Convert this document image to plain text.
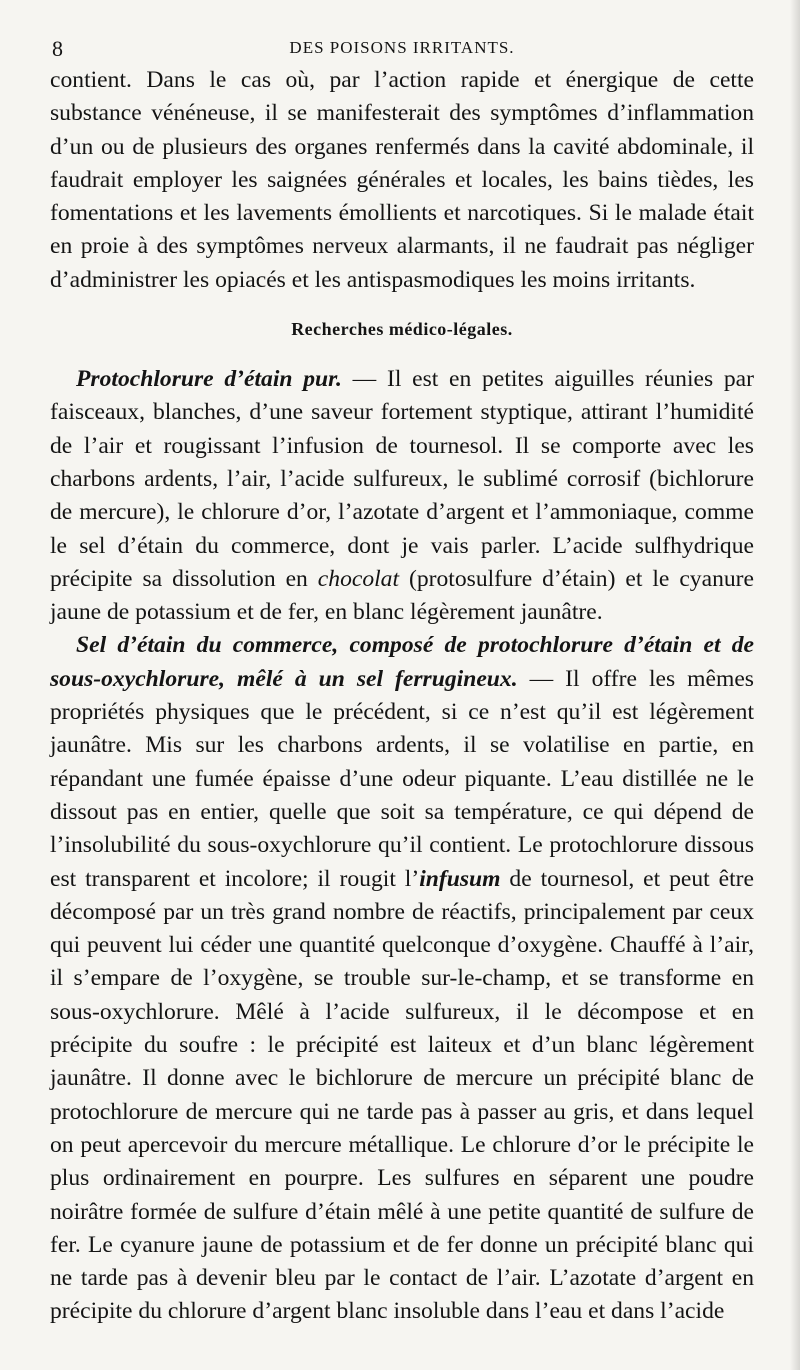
8	DES POISONS IRRITANTS.

contient. Dans le cas où, par l’action rapide et énergique de cette substance vénéneuse, il se manifesterait des symptômes d’inflammation d’un ou de plusieurs des organes renfermés dans la cavité abdominale, il faudrait employer les saignées générales et locales, les bains tièdes, les fomentations et les lavements émollients et narcotiques. Si le malade était en proie à des symptômes nerveux alarmants, il ne faudrait pas négliger d’administrer les opiacés et les antispasmodiques les moins irritants.

Recherches médico-légales.

Protochlorure d’étain pur. — Il est en petites aiguilles réunies par faisceaux, blanches, d’une saveur fortement styptique, attirant l’humidité de l’air et rougissant l’infusion de tournesol. Il se comporte avec les charbons ardents, l’air, l’acide sulfureux, le sublimé corrosif (bichlorure de mercure), le chlorure d’or, l’azotate d’argent et l’ammoniaque, comme le sel d’étain du commerce, dont je vais parler. L’acide sulfhydrique précipite sa dissolution en chocolat (protosulfure d’étain) et le cyanure jaune de potassium et de fer, en blanc légèrement jaunâtre.

Sel d’étain du commerce, composé de protochlorure d’étain et de sous-oxychlorure, mêlé à un sel ferrugineux. — Il offre les mêmes propriétés physiques que le précédent, si ce n’est qu’il est légèrement jaunâtre. Mis sur les charbons ardents, il se volatilise en partie, en répandant une fumée épaisse d’une odeur piquante. L’eau distillée ne le dissout pas en entier, quelle que soit sa température, ce qui dépend de l’insolubilité du sous-oxychlorure qu’il contient. Le protochlorure dissous est transparent et incolore; il rougit l’infusum de tournesol, et peut être décomposé par un très grand nombre de réactifs, principalement par ceux qui peuvent lui céder une quantité quelconque d’oxygène. Chauffé à l’air, il s’empare de l’oxygène, se trouble sur-le-champ, et se transforme en sous-oxychlorure. Mêlé à l’acide sulfureux, il le décompose et en précipite du soufre : le précipité est laiteux et d’un blanc légèrement jaunâtre. Il donne avec le bichlorure de mercure un précipité blanc de protochlorure de mercure qui ne tarde pas à passer au gris, et dans lequel on peut apercevoir du mercure métallique. Le chlorure d’or le précipite le plus ordinairement en pourpre. Les sulfures en séparent une poudre noirâtre formée de sulfure d’étain mêlé à une petite quantité de sulfure de fer. Le cyanure jaune de potassium et de fer donne un précipité blanc qui ne tarde pas à devenir bleu par le contact de l’air. L’azotate d’argent en précipite du chlorure d’argent blanc insoluble dans l’eau et dans l’acide
